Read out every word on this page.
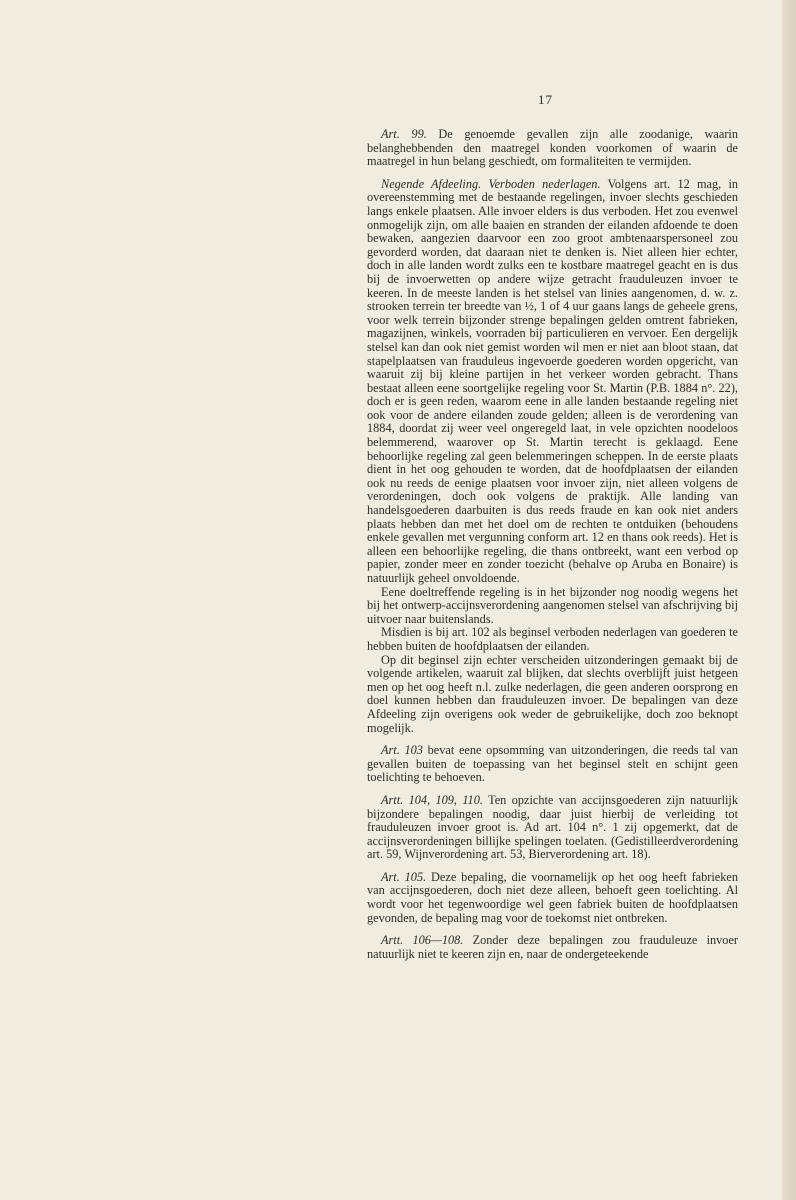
17

Art. 99. De genoemde gevallen zijn alle zoodanige, waarin belanghebbenden den maatregel konden voorkomen of waarin de maatregel in hun belang geschiedt, om formaliteiten te vermijden.

Negende Afdeeling. Verboden nederlagen. Volgens art. 12 mag, in overeenstemming met de bestaande regelingen, invoer slechts geschieden langs enkele plaatsen. Alle invoer elders is dus verboden. Het zou evenwel onmogelijk zijn, om alle baaien en stranden der eilanden afdoende te doen bewaken, aangezien daarvoor een zoo groot ambtenaarspersoneel zou gevorderd worden, dat daaraan niet te denken is. Niet alleen hier echter, doch in alle landen wordt zulks een te kostbare maatregel geacht en is dus bij de invoerwetten op andere wijze getracht frauduleuzen invoer te keeren. In de meeste landen is het stelsel van linies aangenomen, d. w. z. strooken terrein ter breedte van ½, 1 of 4 uur gaans langs de geheele grens, voor welk terrein bijzonder strenge bepalingen gelden omtrent fabrieken, magazijnen, winkels, voorraden bij particulieren en vervoer. Een dergelijk stelsel kan dan ook niet gemist worden wil men er niet aan bloot staan, dat stapelplaatsen van frauduleus ingevoerde goederen worden opgericht, van waaruit zij bij kleine partijen in het verkeer worden gebracht. Thans bestaat alleen eene soortgelijke regeling voor St. Martin (P.B. 1884 n°. 22), doch er is geen reden, waarom eene in alle landen bestaande regeling niet ook voor de andere eilanden zoude gelden; alleen is de verordening van 1884, doordat zij weer veel ongeregeld laat, in vele opzichten noodeloos belemmerend, waarover op St. Martin terecht is geklaagd. Eene behoorlijke regeling zal geen belemmeringen scheppen. In de eerste plaats dient in het oog gehouden te worden, dat de hoofdplaatsen der eilanden ook nu reeds de eenige plaatsen voor invoer zijn, niet alleen volgens de verordeningen, doch ook volgens de praktijk. Alle landing van handelsgoederen daarbuiten is dus reeds fraude en kan ook niet anders plaats hebben dan met het doel om de rechten te ontduiken (behoudens enkele gevallen met vergunning conform art. 12 en thans ook reeds). Het is alleen een behoorlijke regeling, die thans ontbreekt, want een verbod op papier, zonder meer en zonder toezicht (behalve op Aruba en Bonaire) is natuurlijk geheel onvoldoende.

Eene doeltreffende regeling is in het bijzonder nog noodig wegens het bij het ontwerp-accijnsverordening aangenomen stelsel van afschrijving bij uitvoer naar buitenslands.

Misdien is bij art. 102 als beginsel verboden nederlagen van goederen te hebben buiten de hoofdplaatsen der eilanden.

Op dit beginsel zijn echter verscheiden uitzonderingen gemaakt bij de volgende artikelen, waaruit zal blijken, dat slechts overblijft juist hetgeen men op het oog heeft n.l. zulke nederlagen, die geen anderen oorsprong en doel kunnen hebben dan frauduleuzen invoer. De bepalingen van deze Afdeeling zijn overigens ook weder de gebruikelijke, doch zoo beknopt mogelijk.

Art. 103 bevat eene opsomming van uitzonderingen, die reeds tal van gevallen buiten de toepassing van het beginsel stelt en schijnt geen toelichting te behoeven.

Artt. 104, 109, 110. Ten opzichte van accijnsgoederen zijn natuurlijk bijzondere bepalingen noodig, daar juist hierbij de verleiding tot frauduleuzen invoer groot is. Ad art. 104 n°. 1 zij opgemerkt, dat de accijnsverordeningen billijke spelingen toelaten. (Gedistilleerdverordening art. 59, Wijnverordening art. 53, Bierverordening art. 18).

Art. 105. Deze bepaling, die voornamelijk op het oog heeft fabrieken van accijnsgoederen, doch niet deze alleen, behoeft geen toelichting. Al wordt voor het tegenwoordige wel geen fabriek buiten de hoofdplaatsen gevonden, de bepaling mag voor de toekomst niet ontbreken.

Artt. 106—108. Zonder deze bepalingen zou frauduleuze invoer natuurlijk niet te keeren zijn en, naar de ondergeteekende
